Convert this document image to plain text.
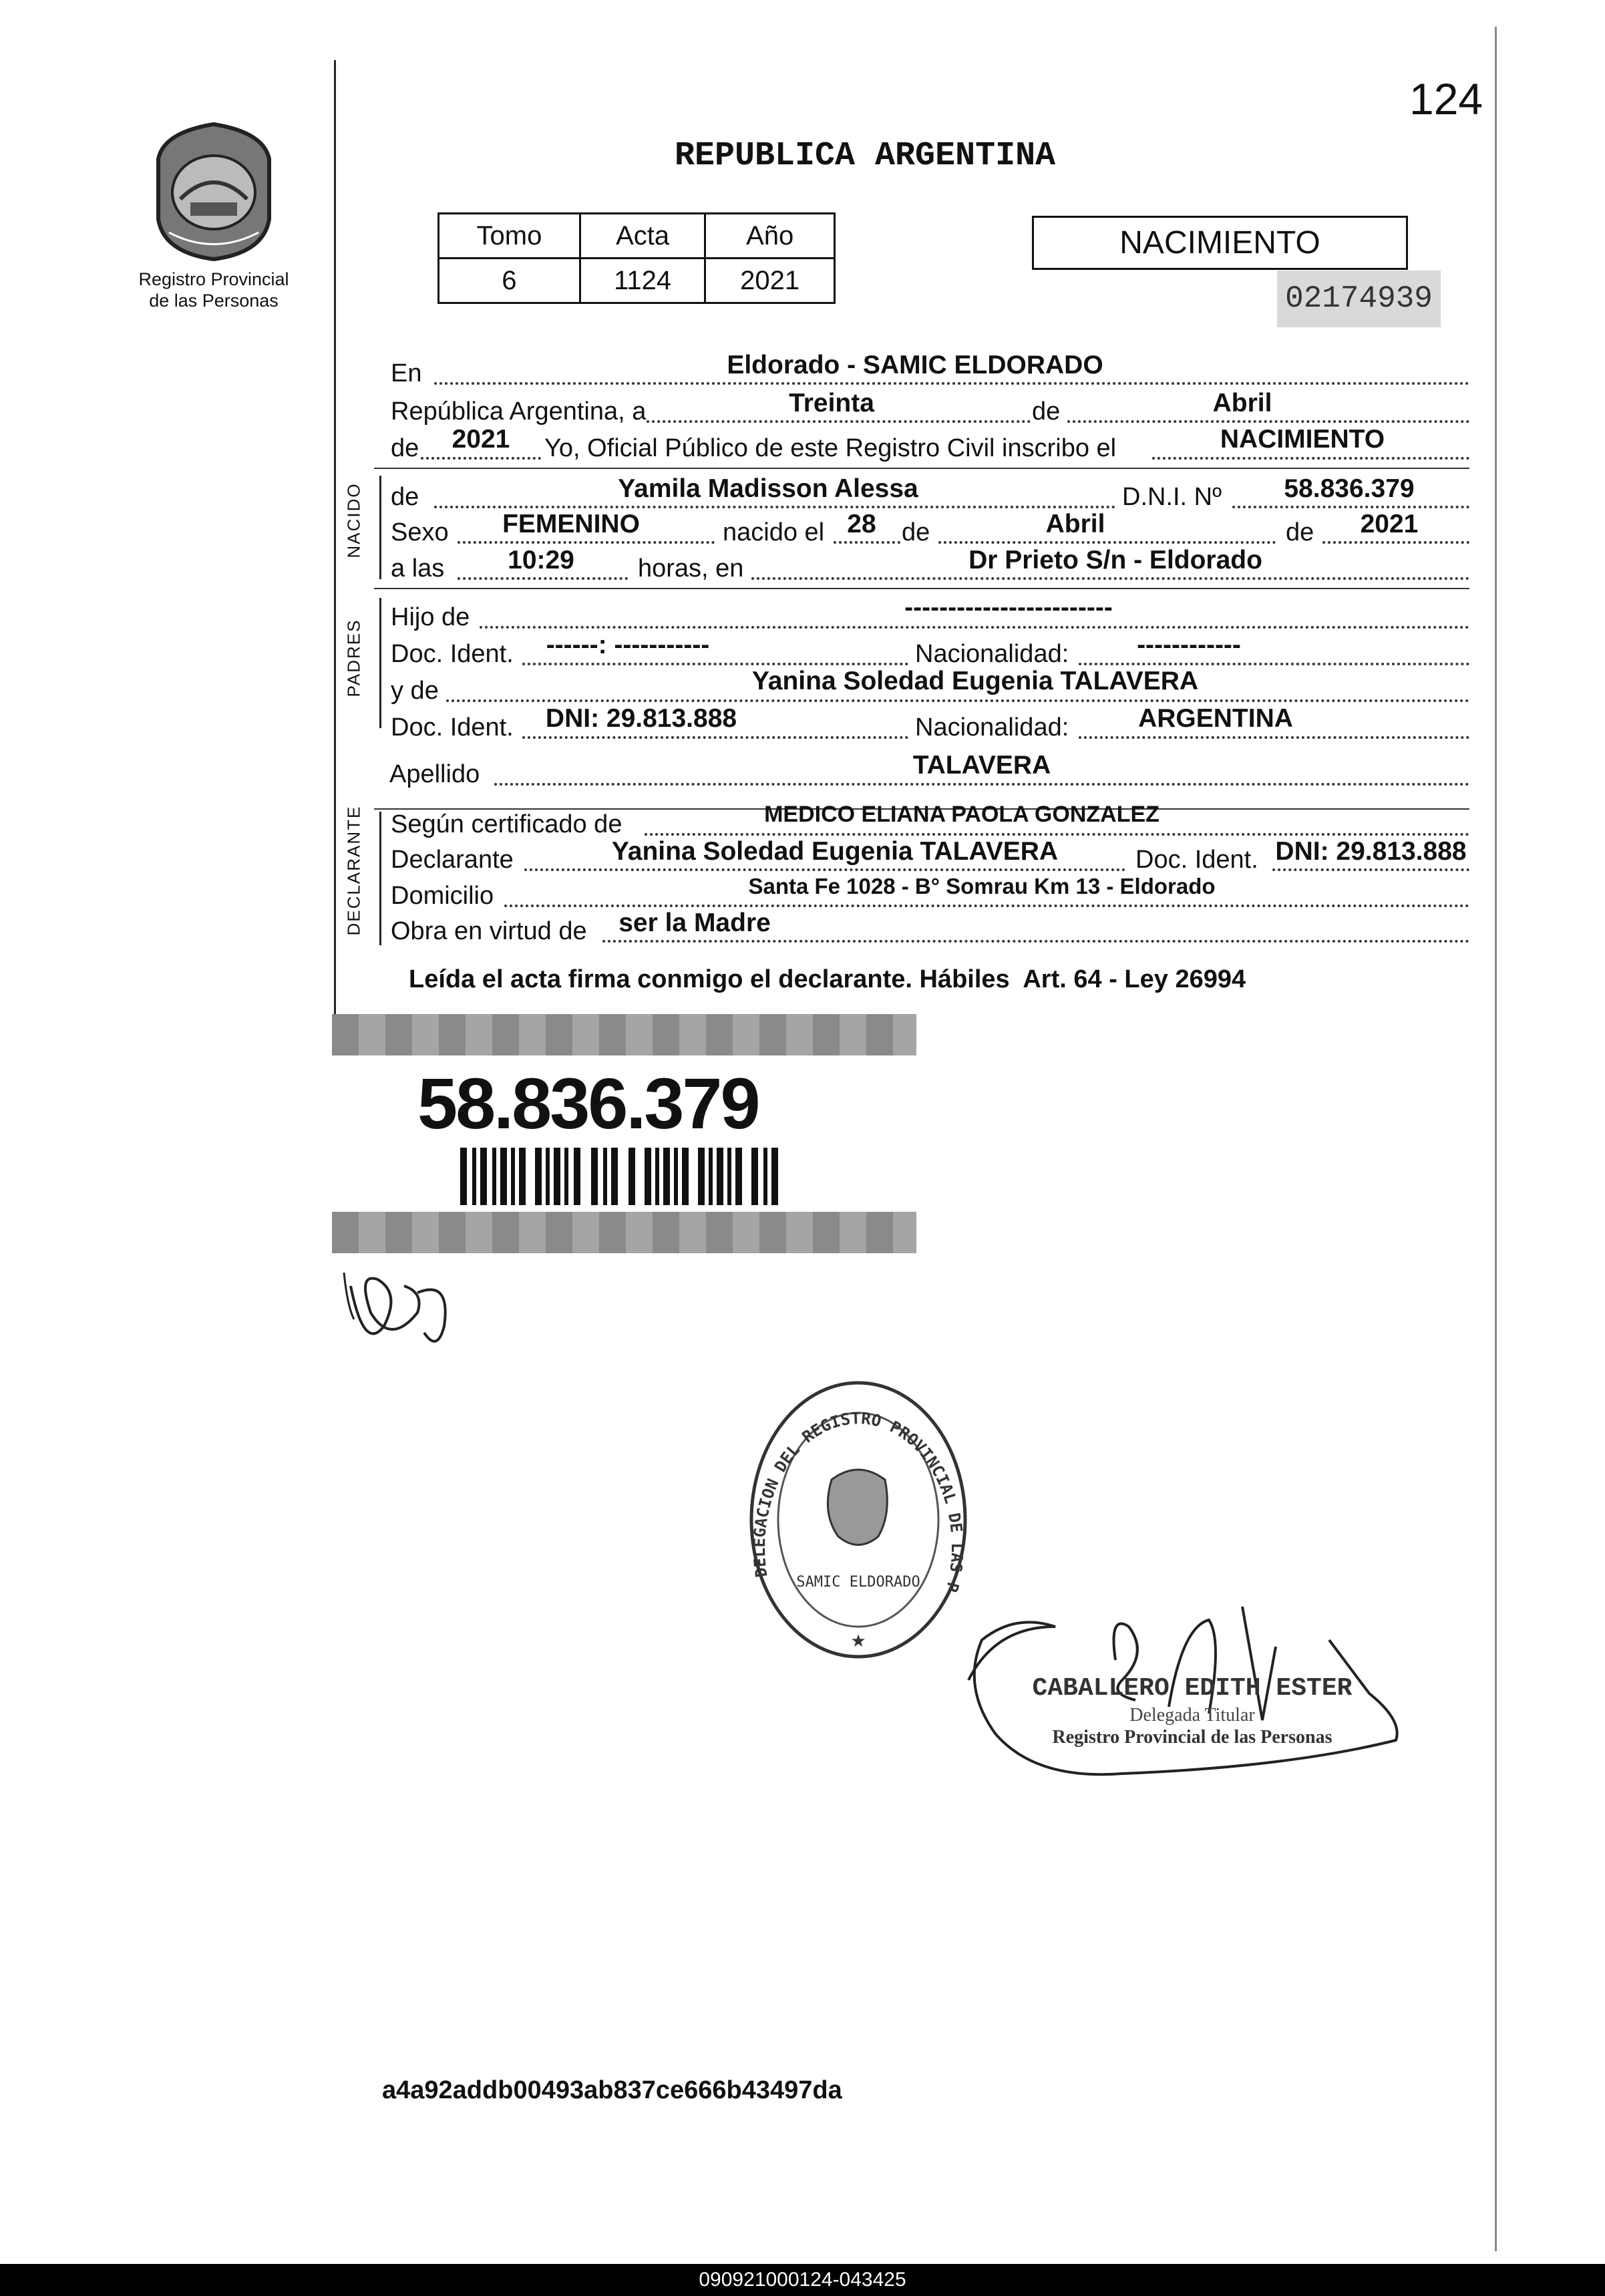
124
Registro Provincial
de las Personas
REPUBLICA ARGENTINA
Tomo	Acta	Año
6	1124	2021
NACIMIENTO
02174939
NACIDO
PADRES
DECLARANTE
En	Eldorado - SAMIC ELDORADO
República Argentina, a	Treinta	de	Abril
de	2021	Yo, Oficial Público de este Registro Civil inscribo el	NACIMIENTO
de	Yamila Madisson Alessa	D.N.I. Nº	58.836.379
Sexo	FEMENINO	nacido el 28	de	Abril	de	2021
a las	10:29	horas, en	Dr Prieto S/n - Eldorado
Hijo de	------------------------
Doc. Ident.	------: -----------	Nacionalidad:	------------
y de	Yanina Soledad Eugenia TALAVERA
Doc. Ident.	DNI: 29.813.888	Nacionalidad:	ARGENTINA
Apellido	TALAVERA
Según certificado de	MEDICO ELIANA PAOLA GONZALEZ
Declarante	Yanina Soledad Eugenia TALAVERA	Doc. Ident. DNI: 29.813.888
Domicilio	Santa Fe 1028 - B° Somrau Km 13 - Eldorado
Obra en virtud de	ser la Madre
Leída el acta firma conmigo el declarante. Hábiles  Art. 64 - Ley 26994
58.836.379
DELEGACION DEL REGISTRO PROVINCIAL DE LAS P
SAMIC ELDORADO
★
CABALLERO EDITH ESTER
Delegada Titular
Registro Provincial de las Personas
a4a92addb00493ab837ce666b43497da
090921000124-043425
